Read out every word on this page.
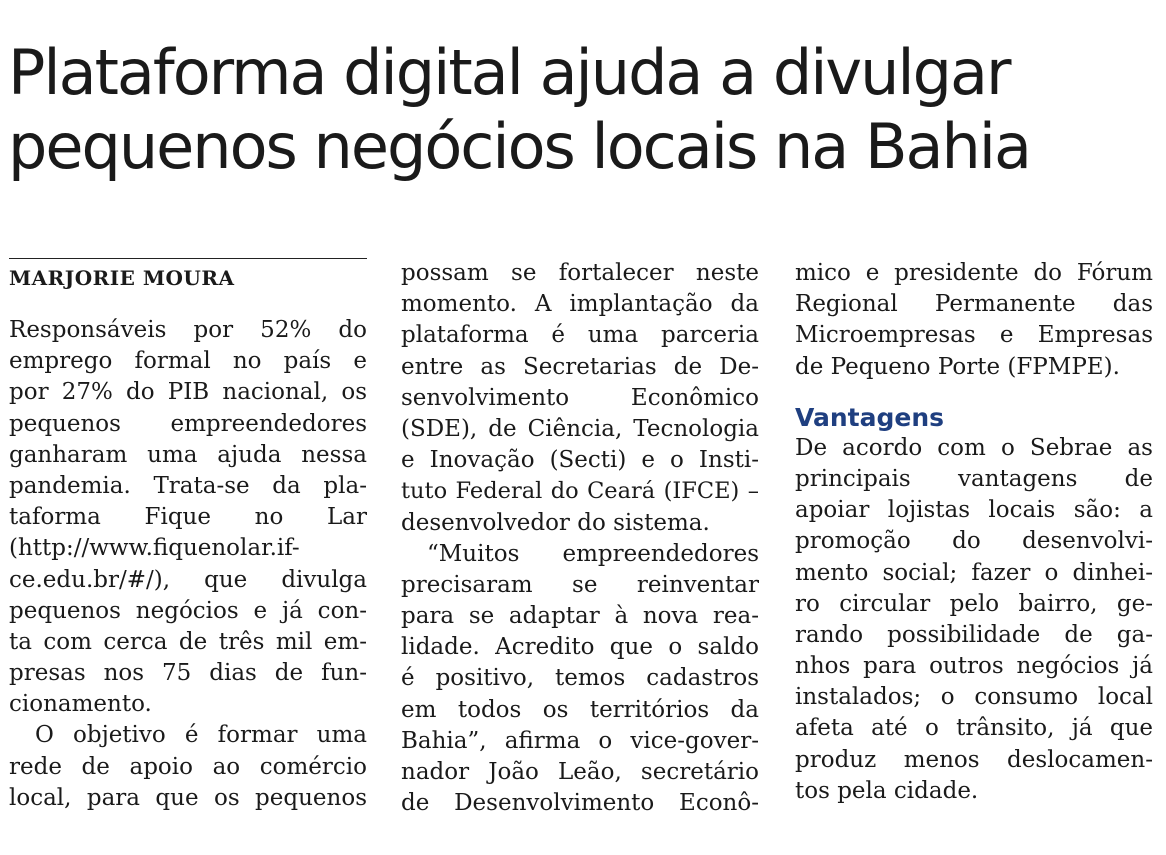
Plataforma digital ajuda a divulgar
pequenos negócios locais na Bahia
MARJORIE MOURA
Responsáveis por 52% do
emprego formal no país e
por 27% do PIB nacional, os
pequenos empreendedores
ganharam uma ajuda nessa
pandemia. Trata-se da pla-
taforma Fique no Lar
(http://www.fiquenolar.if-
ce.edu.br/#/), que divulga
pequenos negócios e já con-
ta com cerca de três mil em-
presas nos 75 dias de fun-
cionamento.
O objetivo é formar uma
rede de apoio ao comércio
local, para que os pequenos
possam se fortalecer neste
momento. A implantação da
plataforma é uma parceria
entre as Secretarias de De-
senvolvimento Econômico
(SDE), de Ciência, Tecnologia
e Inovação (Secti) e o Insti-
tuto Federal do Ceará (IFCE) –
desenvolvedor do sistema.
“Muitos empreendedores
precisaram se reinventar
para se adaptar à nova rea-
lidade. Acredito que o saldo
é positivo, temos cadastros
em todos os territórios da
Bahia”, afirma o vice-gover-
nador João Leão, secretário
de Desenvolvimento Econô-
mico e presidente do Fórum
Regional Permanente das
Microempresas e Empresas
de Pequeno Porte (FPMPE).
Vantagens
De acordo com o Sebrae as
principais vantagens de
apoiar lojistas locais são: a
promoção do desenvolvi-
mento social; fazer o dinhei-
ro circular pelo bairro, ge-
rando possibilidade de ga-
nhos para outros negócios já
instalados; o consumo local
afeta até o trânsito, já que
produz menos deslocamen-
tos pela cidade.
